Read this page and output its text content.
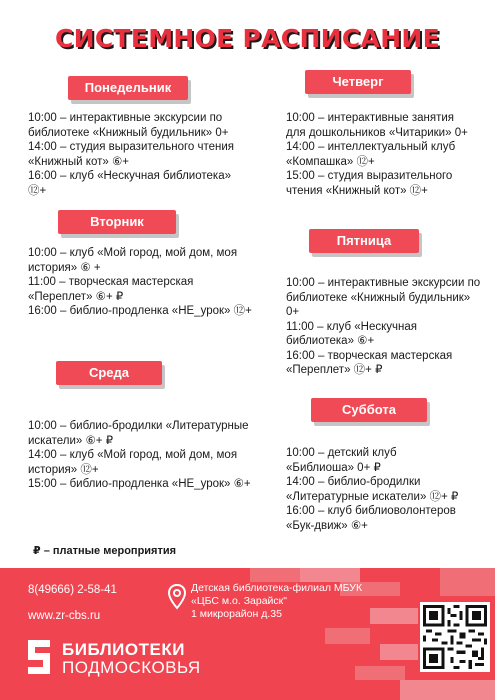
СИСТЕМНОЕ РАСПИСАНИЕ
Понедельник
10:00 – интерактивные экскурсии по
библиотеке «Книжный будильник» 0+
14:00 – студия выразительного чтения
«Книжный кот» ⑥+
16:00 – клуб «Нескучная библиотека»
⑫+
Вторник
10:00 – клуб «Мой город, мой дом, моя
история» ⑥ +
11:00 – творческая мастерская
«Переплет» ⑥+ ₽
16:00 – библио-продленка «НЕ_урок» ⑫+
Среда
10:00 – библио-бродилки «Литературные
искатели» ⑥+ ₽
14:00 – клуб «Мой город, мой дом, моя
история» ⑫+
15:00 – библио-продленка «НЕ_урок» ⑥+
Четверг
10:00 – интерактивные занятия
для дошкольников «Читарики» 0+
14:00 – интеллектуальный клуб
«Компашка» ⑫+
15:00 – студия выразительного
чтения «Книжный кот» ⑫+
Пятница
10:00 – интерактивные экскурсии по
библиотеке «Книжный будильник»
0+
11:00 – клуб «Нескучная
библиотека» ⑥+
16:00 – творческая мастерская
«Переплет» ⑫+ ₽
Суббота
10:00 – детский клуб
«Библиоша» 0+ ₽
14:00 – библио-бродилки
«Литературные искатели» ⑫+ ₽
16:00 – клуб библиоволонтеров
«Бук-движ» ⑥+
₽ – платные мероприятия
8(49666) 2-58-41
www.zr-cbs.ru
Детская библиотека-филиал МБУК
«ЦБС м.о. Зарайск"
1 микрорайон д.35
БИБЛИОТЕКИ
ПОДМОСКОВЬЯ
